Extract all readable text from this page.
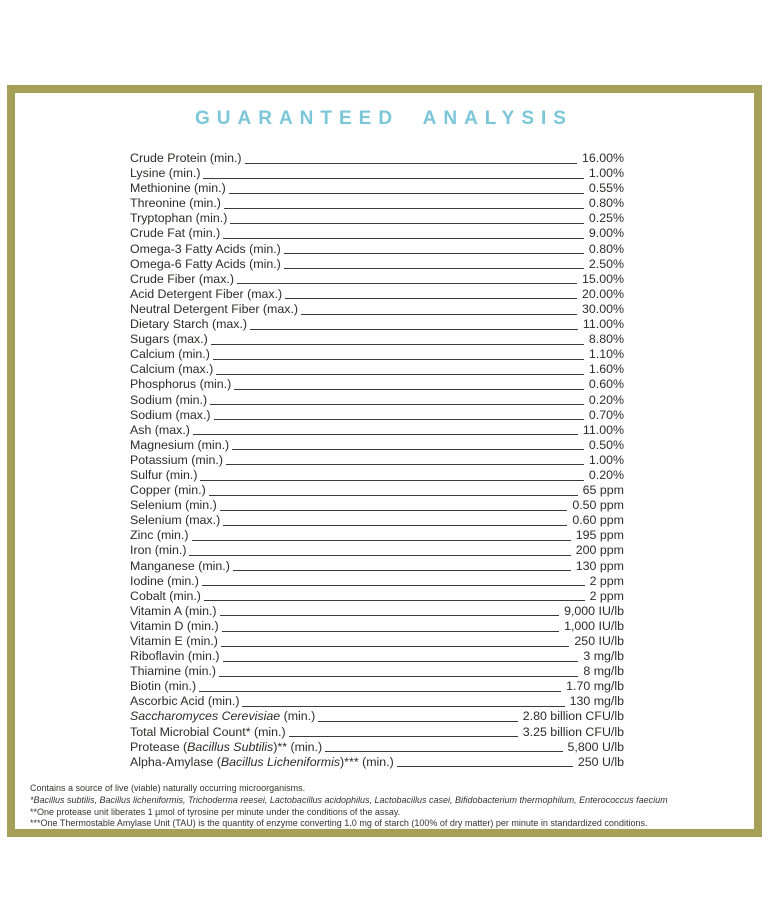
GUARANTEED ANALYSIS
Crude Protein (min.)	16.00%
Lysine (min.)	1.00%
Methionine (min.)	0.55%
Threonine (min.)	0.80%
Tryptophan (min.)	0.25%
Crude Fat (min.)	9.00%
Omega-3 Fatty Acids (min.)	0.80%
Omega-6 Fatty Acids (min.)	2.50%
Crude Fiber (max.)	15.00%
Acid Detergent Fiber (max.)	20.00%
Neutral Detergent Fiber (max.)	30.00%
Dietary Starch (max.)	11.00%
Sugars (max.)	8.80%
Calcium (min.)	1.10%
Calcium (max.)	1.60%
Phosphorus (min.)	0.60%
Sodium (min.)	0.20%
Sodium (max.)	0.70%
Ash (max.)	11.00%
Magnesium (min.)	0.50%
Potassium (min.)	1.00%
Sulfur (min.)	0.20%
Copper (min.)	65 ppm
Selenium (min.)	0.50 ppm
Selenium (max.)	0.60 ppm
Zinc (min.)	195 ppm
Iron (min.)	200 ppm
Manganese (min.)	130 ppm
Iodine (min.)	2 ppm
Cobalt (min.)	2 ppm
Vitamin A (min.)	9,000 IU/lb
Vitamin D (min.)	1,000 IU/lb
Vitamin E (min.)	250 IU/lb
Riboflavin (min.)	3 mg/lb
Thiamine (min.)	8 mg/lb
Biotin (min.)	1.70 mg/lb
Ascorbic Acid (min.)	130 mg/lb
Saccharomyces Cerevisiae (min.)	2.80 billion CFU/lb
Total Microbial Count* (min.)	3.25 billion CFU/lb
Protease (Bacillus Subtilis)** (min.)	5,800 U/lb
Alpha-Amylase (Bacillus Licheniformis)*** (min.)	250 U/lb
Contains a source of live (viable) naturally occurring microorganisms.
*Bacillus subtilis, Bacillus licheniformis, Trichoderma reesei, Lactobacillus acidophilus, Lactobacillus casei, Bifidobacterium thermophilum, Enterococcus faecium
**One protease unit liberates 1 µmol of tyrosine per minute under the conditions of the assay.
***One Thermostable Amylase Unit (TAU) is the quantity of enzyme converting 1.0 mg of starch (100% of dry matter) per minute in standardized conditions.
